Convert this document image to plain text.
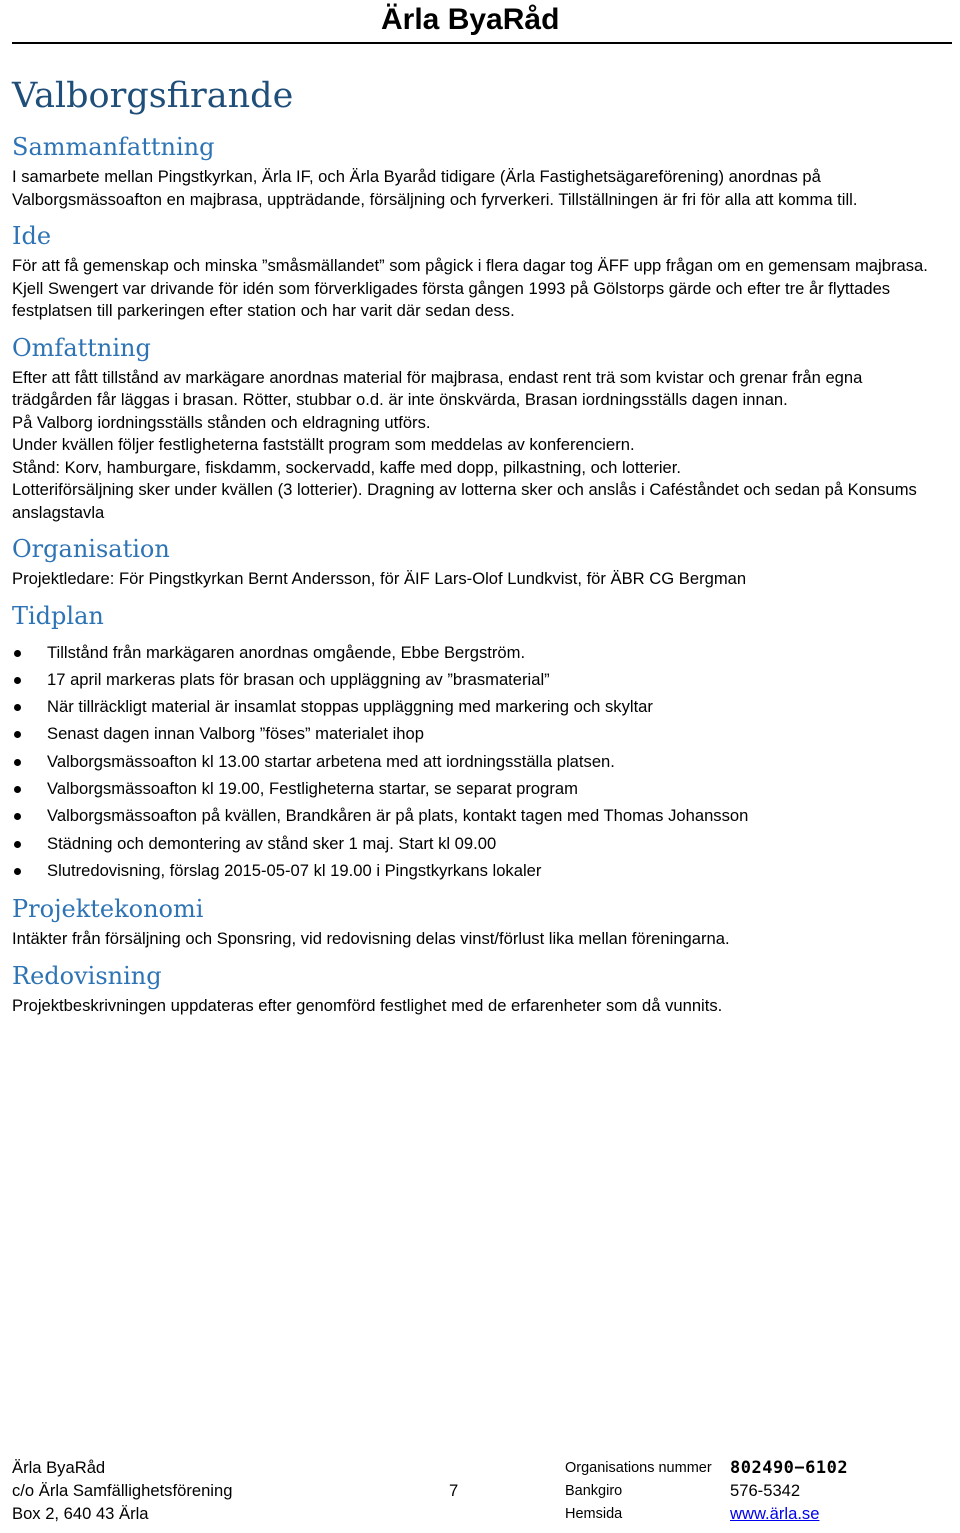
Ärla ByaRåd
Valborgsfirande
Sammanfattning

I samarbete mellan Pingstkyrkan, Ärla IF, och Ärla Byaråd tidigare (Ärla Fastighetsägareförening) anordnas på Valborgsmässoafton en majbrasa, uppträdande, försäljning och fyrverkeri. Tillställningen är fri för alla att komma till.

Ide

För att få gemenskap och minska ”småsmällandet” som pågick i flera dagar tog ÄFF upp frågan om en gemensam majbrasa. Kjell Swengert var drivande för idén som förverkligades första gången 1993 på Gölstorps gärde och efter tre år flyttades festplatsen till parkeringen efter station och har varit där sedan dess.

Omfattning

Efter att fått tillstånd av markägare anordnas material för majbrasa, endast rent trä som kvistar och grenar från egna trädgården får läggas i brasan. Rötter, stubbar o.d. är inte önskvärda, Brasan iordningsställs dagen innan.

På Valborg iordningsställs stånden och eldragning utförs.

Under kvällen följer festligheterna fastställt program som meddelas av konferenciern.

Stånd: Korv, hamburgare, fiskdamm, sockervadd, kaffe med dopp, pilkastning, och lotterier.

Lotteriförsäljning sker under kvällen (3 lotterier). Dragning av lotterna sker och anslås i Caféståndet och sedan på Konsums anslagstavla

Organisation

Projektledare: För Pingstkyrkan Bernt Andersson, för ÄIF Lars-Olof Lundkvist, för ÄBR CG Bergman

Tidplan
Tillstånd från markägaren anordnas omgående, Ebbe Bergström.
17 april markeras plats för brasan och uppläggning av ”brasmaterial”
När tillräckligt material är insamlat stoppas uppläggning med markering och skyltar
Senast dagen innan Valborg ”föses” materialet ihop
Valborgsmässoafton kl 13.00 startar arbetena med att iordningsställa platsen.
Valborgsmässoafton kl 19.00, Festligheterna startar, se separat program
Valborgsmässoafton på kvällen, Brandkåren är på plats, kontakt tagen med Thomas Johansson
Städning och demontering av stånd sker 1 maj. Start kl 09.00
Slutredovisning, förslag 2015-05-07 kl 19.00 i Pingstkyrkans lokaler
Projektekonomi

Intäkter från försäljning och Sponsring, vid redovisning delas vinst/förlust lika mellan föreningarna.

Redovisning

Projektbeskrivningen uppdateras efter genomförd festlighet med de erfarenheter som då vunnits.

Ärla ByaRåd	Organisations nummer 802490−6102
c/o Ärla Samfällighetsförening	7	Bankgiro	576-5342
Box 2, 640 43 Ärla	Hemsida	www.ärla.se
